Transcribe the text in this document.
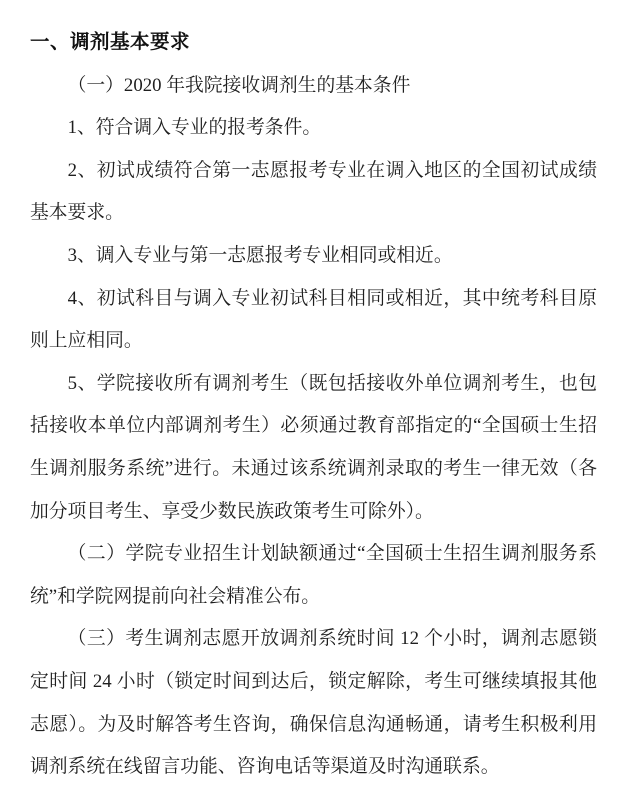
一、调剂基本要求

（一）2020 年我院接收调剂生的基本条件

1、符合调入专业的报考条件。

2、初试成绩符合第一志愿报考专业在调入地区的全国初试成绩基本要求。

3、调入专业与第一志愿报考专业相同或相近。

4、初试科目与调入专业初试科目相同或相近，其中统考科目原则上应相同。

5、学院接收所有调剂考生（既包括接收外单位调剂考生，也包括接收本单位内部调剂考生）必须通过教育部指定的“全国硕士生招生调剂服务系统”进行。未通过该系统调剂录取的考生一律无效（各加分项目考生、享受少数民族政策考生可除外）。

（二）学院专业招生计划缺额通过“全国硕士生招生调剂服务系统”和学院网提前向社会精准公布。

（三）考生调剂志愿开放调剂系统时间 12 个小时，调剂志愿锁定时间 24 小时（锁定时间到达后，锁定解除，考生可继续填报其他志愿）。为及时解答考生咨询，确保信息沟通畅通，请考生积极利用调剂系统在线留言功能、咨询电话等渠道及时沟通联系。
